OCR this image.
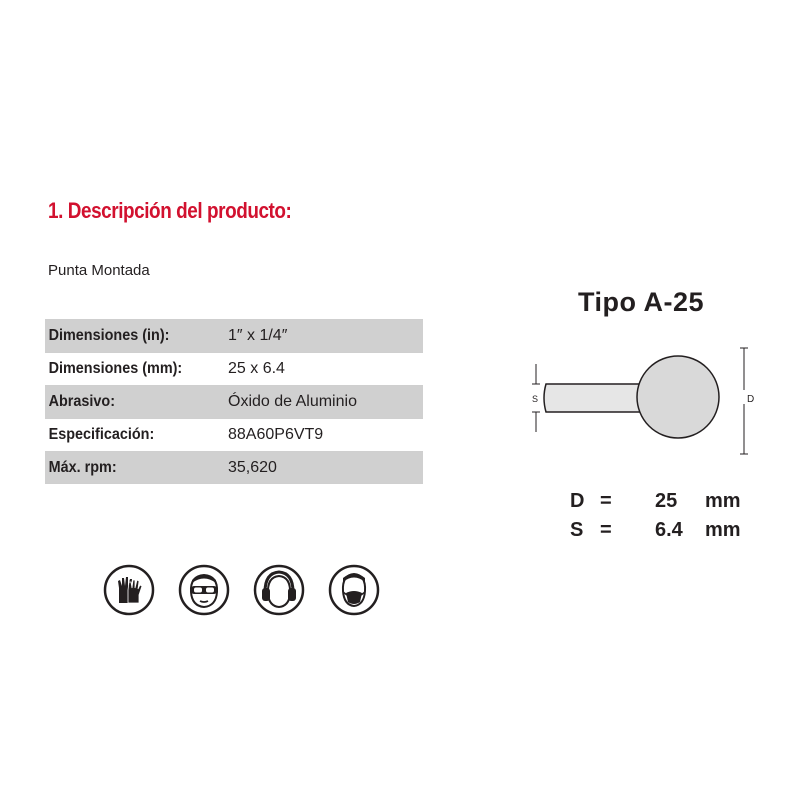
1. Descripción del producto:
Punta Montada
Dimensiones (in):	1″ x 1/4″
Dimensiones (mm):	25 x 6.4
Abrasivo:	Óxido de Aluminio
Especificación:	88A60P6VT9
Máx. rpm:	35,620
Tipo A-25
S	D
D =	25	mm
S =	6.4	mm
